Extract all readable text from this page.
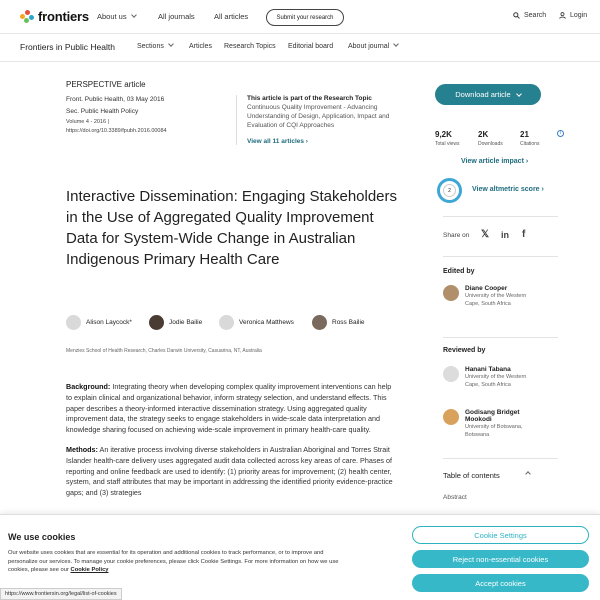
frontiers About us	All journals	All articles	Submit your research	Search	Login
Frontiers in Public Health	Sections	Articles Research Topics Editorial board About journal
PERSPECTIVE article
Front. Public Health, 03 May 2016
Sec. Public Health Policy
Volume 4 - 2016 |
https://doi.org/10.3389/fpubh.2016.00084
This article is part of the Research Topic
Continuous Quality Improvement - Advancing Understanding of Design, Application, Impact and Evaluation of CQI Approaches
View all 11 articles ›
Interactive Dissemination: Engaging Stakeholders in the Use of Aggregated Quality Improvement Data for System-Wide Change in Australian Indigenous Primary Health Care
Alison Laycock*	Jodie Bailie	Veronica Matthews	Ross Bailie
Menzies School of Health Research, Charles Darwin University, Casuarina, NT, Australia

Background: Integrating theory when developing complex quality improvement interventions can help to explain clinical and organizational behavior, inform strategy selection, and understand effects. This paper describes a theory-informed interactive dissemination strategy. Using aggregated quality improvement data, the strategy seeks to engage stakeholders in wide-scale data interpretation and knowledge sharing focused on achieving wide-scale improvement in primary health-care quality.

Methods: An iterative process involving diverse stakeholders in Australian Aboriginal and Torres Strait Islander health-care delivery uses aggregated audit data collected across key areas of care. Phases of reporting and online feedback are used to identify: (1) priority areas for improvement; (2) health center, system, and staff attributes that may be important in addressing the identified priority evidence-practice gaps; and (3) strategies

Download article
9,2K
Total views
2K
Downloads
21
Citations
i
View article impact ›
2	View altmetric score ›
Share on 𝕏 in f
Edited by
Diane Cooper
University of the Western Cape, South Africa
Reviewed by
Hanani Tabana
University of the Western Cape, South Africa
Godisang Bridget Mookodi
University of Botswana, Botswana
Table of contents
Abstract
We use cookies
Our website uses cookies that are essential for its operation and additional cookies to track performance, or to improve and personalize our services. To manage your cookie preferences, please click Cookie Settings. For more information on how we use cookies, please see our Cookie Policy
Cookie Settings
Reject non-essential cookies
Accept cookies
https://www.frontiersin.org/legal/list-of-cookies
